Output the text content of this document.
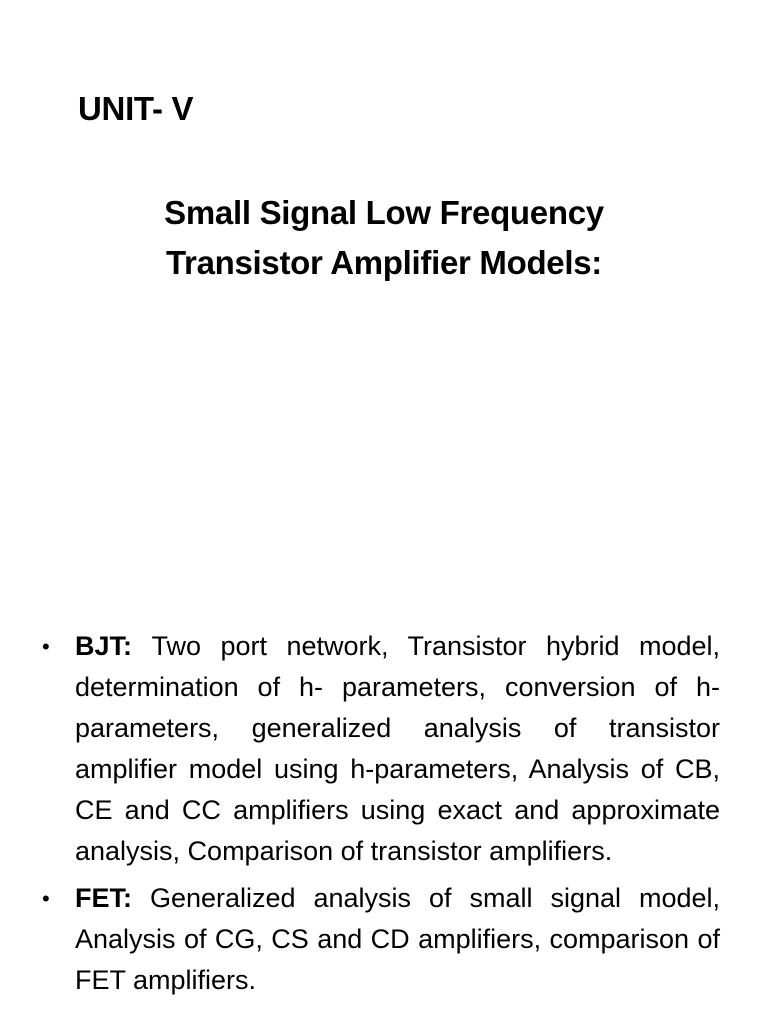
UNIT- V
Small Signal Low Frequency
Transistor Amplifier Models:
• BJT: Two port network, Transistor hybrid model, determination of h- parameters, conversion of h-parameters, generalized analysis of transistor amplifier model using h-parameters, Analysis of CB, CE and CC amplifiers using exact and approximate analysis, Comparison of transistor amplifiers.
• FET: Generalized analysis of small signal model, Analysis of CG, CS and CD amplifiers, comparison of FET amplifiers.
